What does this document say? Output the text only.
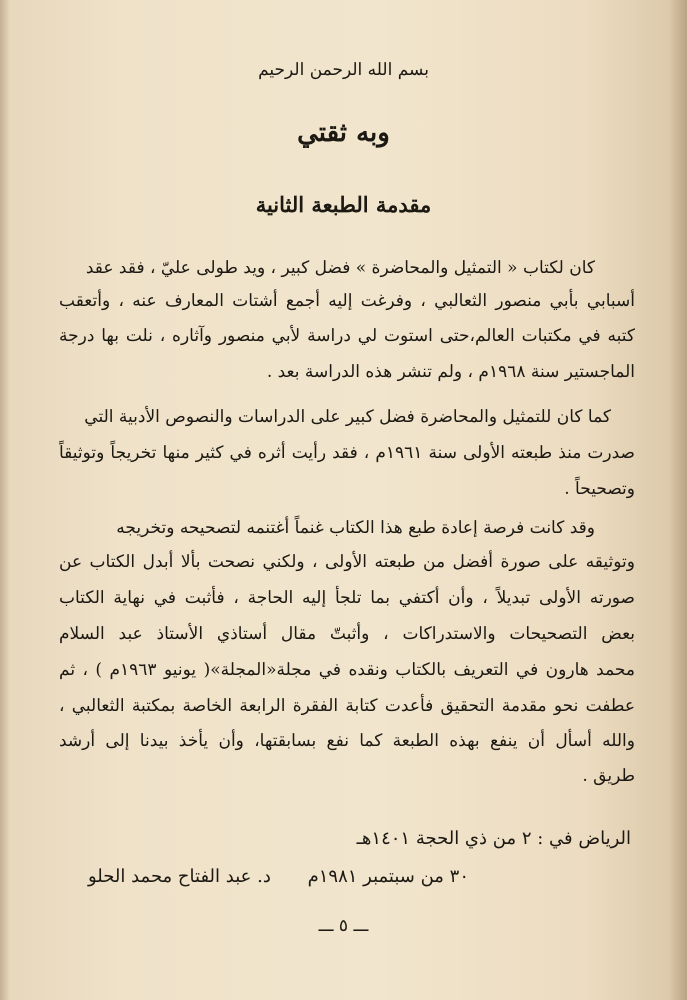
بسم الله الرحمن الرحيم
وبه ثقتي
مقدمة الطبعة الثانية
كان لكتاب « التمثيل والمحاضرة » فضل كبير ، ويد طولى عليّ ، فقد عقد
أسبابي بأبي منصور الثعالبي ، وفرغت إليه أجمع أشتات المعارف عنه ، وأتعقب
كتبه في مكتبات العالم،حتى استوت لي دراسة لأبي منصور وآثاره ، نلت بها درجة
الماجستير سنة ١٩٦٨م ، ولم تنشر هذه الدراسة بعد .
كما كان للتمثيل والمحاضرة فضل كبير على الدراسات والنصوص الأدبية التي
صدرت منذ طبعته الأولى سنة ١٩٦١م ، فقد رأيت أثره في كثير منها تخريجاً وتوثيقاً
وتصحيحاً .
وقد كانت فرصة إعادة طبع هذا الكتاب غنماً أغتنمه لتصحيحه وتخريجه
وتوثيقه على صورة أفضل من طبعته الأولى ، ولكني نصحت بألا أبدل الكتاب عن
صورته الأولى تبديلاً ، وأن أكتفي بما تلجأ إليه الحاجة ، فأثبت في نهاية الكتاب
بعض التصحيحات والاستدراكات ، وأثبتّ مقال أستاذي الأستاذ عبد السلام
محمد هارون في التعريف بالكتاب ونقده في مجلة«المجلة»( يونيو ١٩٦٣م ) ، ثم
عطفت نحو مقدمة التحقيق فأعدت كتابة الفقرة الرابعة الخاصة بمكتبة الثعالبي ،
والله أسأل أن ينفع بهذه الطبعة كما نفع بسابقتها، وأن يأخذ بيدنا إلى أرشد
طريق .
الرياض في : ٢ من ذي الحجة ١٤٠١هـ
٣٠ من سبتمبر ١٩٨١م
د. عبد الفتاح محمد الحلو
ـــ ٥ ـــ
